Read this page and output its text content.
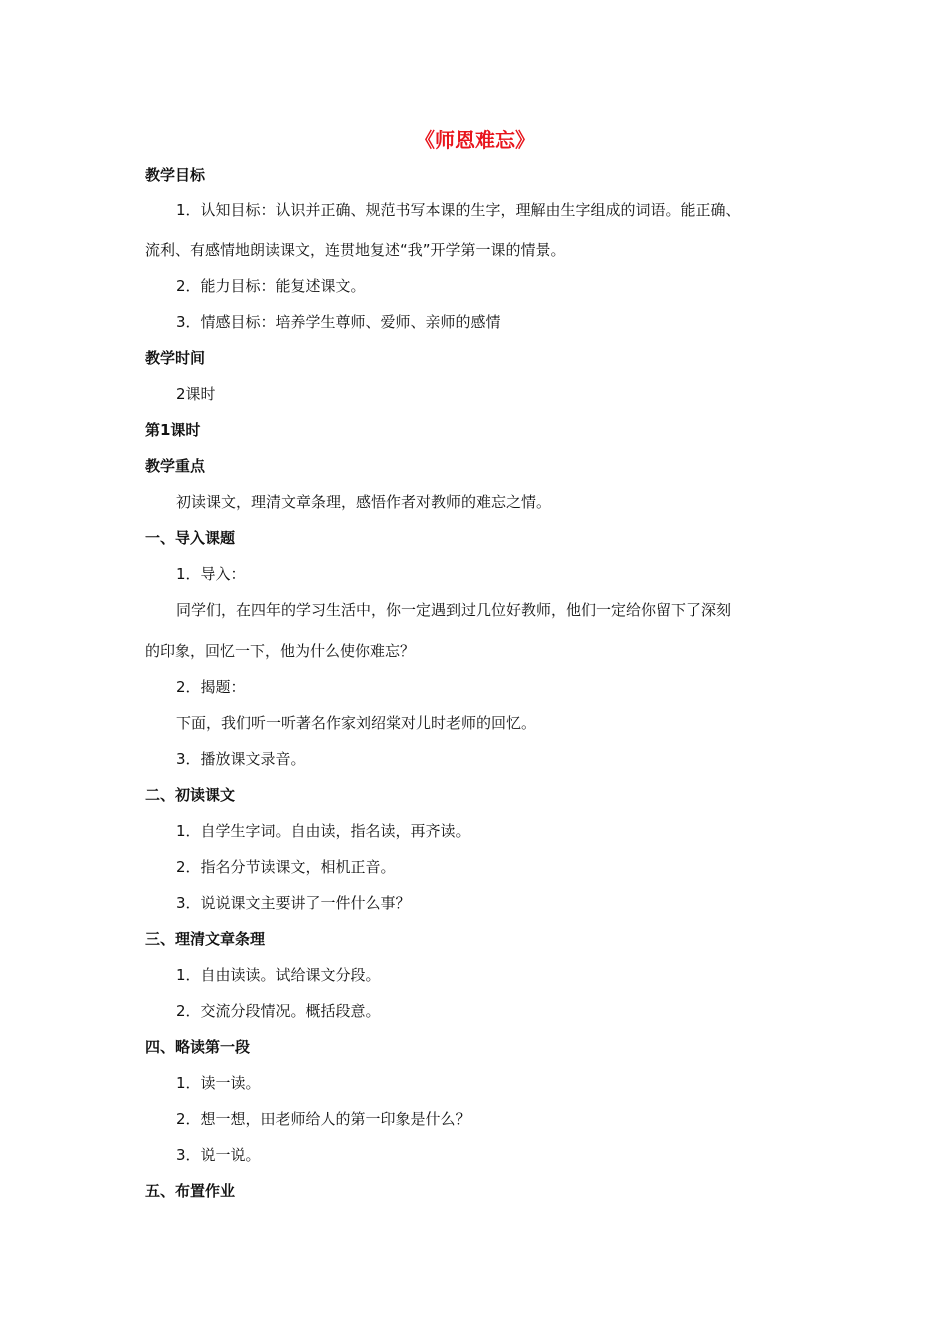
《师恩难忘》
教学目标
1．认知目标：认识并正确、规范书写本课的生字，理解由生字组成的词语。能正确、
流利、有感情地朗读课文，连贯地复述“我”开学第一课的情景。
2．能力目标：能复述课文。
3．情感目标：培养学生尊师、爱师、亲师的感情
教学时间
2课时
第1课时
教学重点
初读课文，理清文章条理，感悟作者对教师的难忘之情。
一、导入课题
1．导入：
同学们，在四年的学习生活中，你一定遇到过几位好教师，他们一定给你留下了深刻
的印象，回忆一下，他为什么使你难忘？
2．揭题：
下面，我们听一听著名作家刘绍棠对儿时老师的回忆。
3．播放课文录音。
二、初读课文
1．自学生字词。自由读，指名读，再齐读。
2．指名分节读课文，相机正音。
3．说说课文主要讲了一件什么事？
三、理清文章条理
1．自由读读。试给课文分段。
2．交流分段情况。概括段意。
四、略读第一段
1．读一读。
2．想一想，田老师给人的第一印象是什么？
3．说一说。
五、布置作业
